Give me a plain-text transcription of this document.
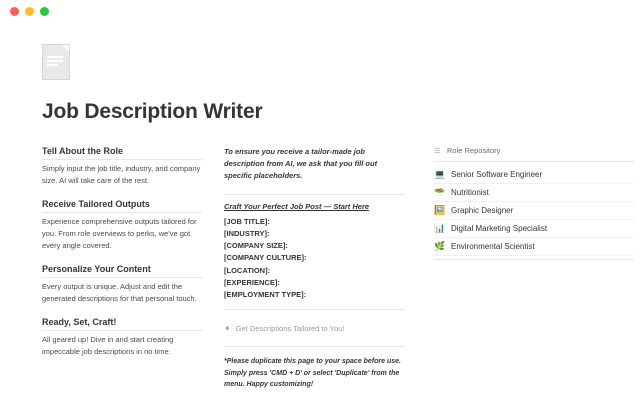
Job Description Writer
Tell About the Role

Simply input the job title, industry, and company size. AI will take care of the rest.

Receive Tailored Outputs

Experience comprehensive outputs tailored for you. From role overviews to perks, we've got every angle covered.

Personalize Your Content

Every output is unique. Adjust and edit the generated descriptions for that personal touch.

Ready, Set, Craft!

All geared up! Dive in and start creating impeccable job descriptions in no time.

To ensure you receive a tailor-made job description from AI, we ask that you fill out specific placeholders.

Craft Your Perfect Job Post — Start Here
[JOB TITLE]:
[INDUSTRY]:
[COMPANY SIZE]:
[COMPANY CULTURE]:
[LOCATION]:
[EXPERIENCE]:
[EMPLOYMENT TYPE]:
✦ Get Descriptions Tailored to You!

*Please duplicate this page to your space before use. Simply press 'CMD + D' or select 'Duplicate' from the menu. Happy customizing!

☰ Role Repository
💻 Senior Software Engineer
🥗 Nutritionist
🖼️ Graphic Designer
📊 Digital Marketing Specialist
🌿 Environmental Scientist
